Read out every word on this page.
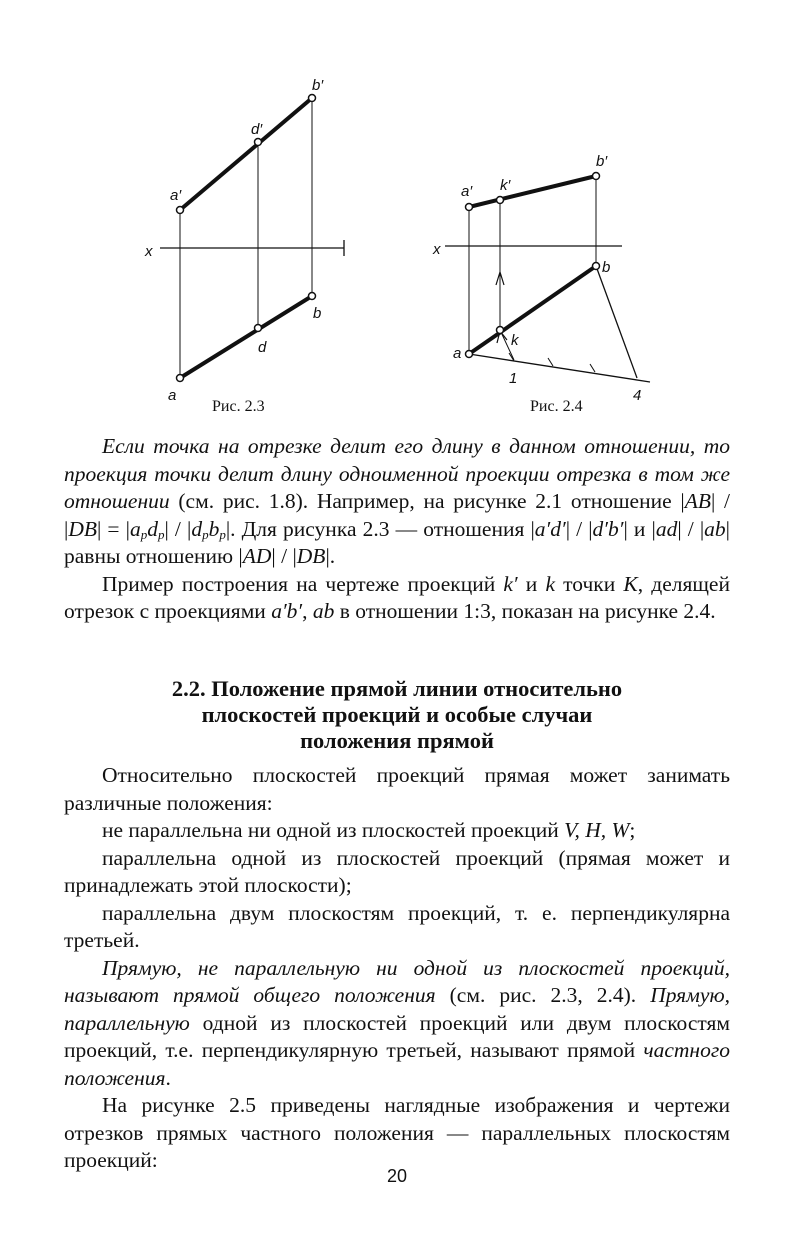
x
a′
d′
b′
a
d
b
x
a′ k′
b′
a
k
b
1
4
Рис. 2.3	Рис. 2.4

Если точка на отрезке делит его длину в данном отношении, то проекция точки делит длину одноименной проекции отрезка в том же отношении (см. рис. 1.8). Например, на рисунке 2.1 отношение $|AB| / |DB| = |a_pd_p| / |d_pb_p|$. Для рисунка 2.3 — отношения |a′d′| / |d′b′| и |ad| / |ab| равны отношению |AD| / |DB|.

Пример построения на чертеже проекций k′ и k точки K, делящей отрезок с проекциями a′b′, ab в отношении 1:3, показан на рисунке 2.4.

2.2. Положение прямой линии относительно
плоскостей проекций и особые случаи
положения прямой

Относительно плоскостей проекций прямая может занимать различные положения:

не параллельна ни одной из плоскостей проекций V, H, W;

параллельна одной из плоскостей проекций (прямая может и принадлежать этой плоскости);

параллельна двум плоскостям проекций, т. е. перпендикулярна третьей.

Прямую, не параллельную ни одной из плоскостей проекций, называют прямой общего положения (см. рис. 2.3, 2.4). Прямую, параллельную одной из плоскостей проекций или двум плоскостям проекций, т.е. перпендикулярную третьей, называют прямой частного положения.

На рисунке 2.5 приведены наглядные изображения и чертежи отрезков прямых частного положения — параллельных плоскостям проекций:

20
